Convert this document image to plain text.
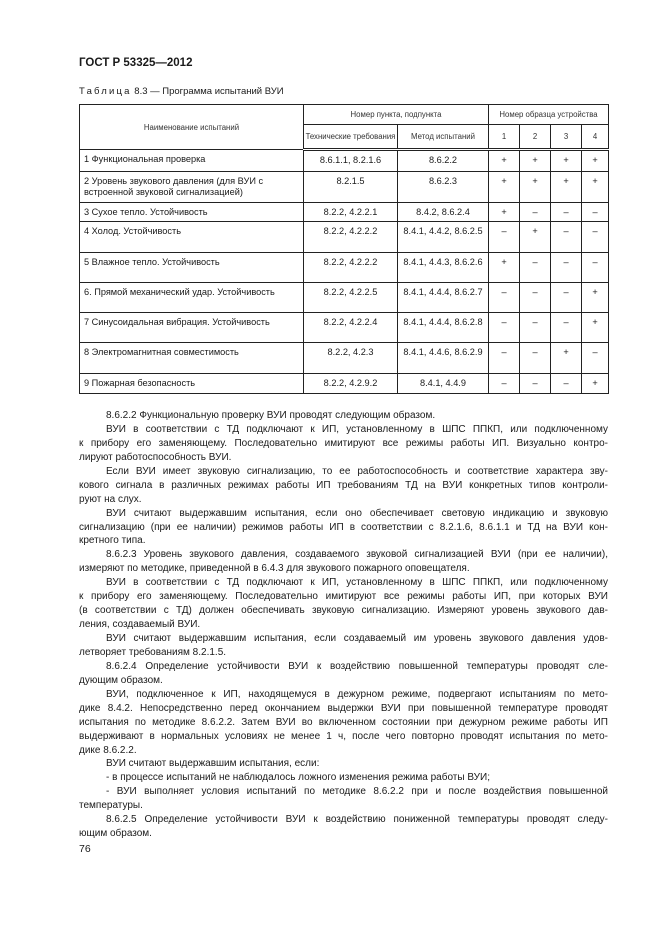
ГОСТ Р 53325—2012
Таблица 8.3 — Программа испытаний ВУИ
Наименование испытаний	Номер пункта, подпункта		Номер образца устройства			
	Технические требования	Метод испытаний	1	2	3	4
1 Функциональная проверка	8.6.1.1, 8.2.1.6	8.6.2.2	+	+	+	+
2 Уровень звукового давления (для ВУИ с встроенной звуковой сигнализацией)	8.2.1.5	8.6.2.3	+	+	+	+
3 Сухое тепло. Устойчивость	8.2.2, 4.2.2.1	8.4.2, 8.6.2.4	+	–	–	–
4 Холод. Устойчивость	8.2.2, 4.2.2.2	8.4.1, 4.4.2, 8.6.2.5	–	+	–	–
5 Влажное тепло. Устойчивость	8.2.2, 4.2.2.2	8.4.1, 4.4.3, 8.6.2.6	+	–	–	–
6. Прямой механический удар. Устойчивость	8.2.2, 4.2.2.5	8.4.1, 4.4.4, 8.6.2.7	–	–	–	+
7 Синусоидальная вибрация. Устойчивость	8.2.2, 4.2.2.4	8.4.1, 4.4.4, 8.6.2.8	–	–	–	+
8 Электромагнитная совместимость	8.2.2, 4.2.3	8.4.1, 4.4.6, 8.6.2.9	–	–	+	–
9 Пожарная безопасность	8.2.2, 4.2.9.2	8.4.1, 4.4.9	–	–	–	+
8.6.2.2 Функциональную проверку ВУИ проводят следующим образом.
ВУИ в соответствии с ТД подключают к ИП, установленному в ШПС ППКП, или подключенному
к прибору его заменяющему. Последовательно имитируют все режимы работы ИП. Визуально контро-
лируют работоспособность ВУИ.
Если ВУИ имеет звуковую сигнализацию, то ее работоспособность и соответствие характера зву-
кового сигнала в различных режимах работы ИП требованиям ТД на ВУИ конкретных типов контроли-
руют на слух.
ВУИ считают выдержавшим испытания, если оно обеспечивает световую индикацию и звуковую
сигнализацию (при ее наличии) режимов работы ИП в соответствии с 8.2.1.6, 8.6.1.1 и ТД на ВУИ кон-
кретного типа.
8.6.2.3 Уровень звукового давления, создаваемого звуковой сигнализацией ВУИ (при ее наличии),
измеряют по методике, приведенной в 6.4.3 для звукового пожарного оповещателя.
ВУИ в соответствии с ТД подключают к ИП, установленному в ШПС ППКП, или подключенному
к прибору его заменяющему. Последовательно имитируют все режимы работы ИП, при которых ВУИ
(в соответствии с ТД) должен обеспечивать звуковую сигнализацию. Измеряют уровень звукового дав-
ления, создаваемый ВУИ.
ВУИ считают выдержавшим испытания, если создаваемый им уровень звукового давления удов-
летворяет требованиям 8.2.1.5.
8.6.2.4 Определение устойчивости ВУИ к воздействию повышенной температуры проводят сле-
дующим образом.
ВУИ, подключенное к ИП, находящемуся в дежурном режиме, подвергают испытаниям по мето-
дике 8.4.2. Непосредственно перед окончанием выдержки ВУИ при повышенной температуре проводят
испытания по методике 8.6.2.2. Затем ВУИ во включенном состоянии при дежурном режиме работы ИП
выдерживают в нормальных условиях не менее 1 ч, после чего повторно проводят испытания по мето-
дике 8.6.2.2.
ВУИ считают выдержавшим испытания, если:
- в процессе испытаний не наблюдалось ложного изменения режима работы ВУИ;
- ВУИ выполняет условия испытаний по методике 8.6.2.2 при и после воздействия повышенной
температуры.
8.6.2.5 Определение устойчивости ВУИ к воздействию пониженной температуры проводят следу-
ющим образом.
76
